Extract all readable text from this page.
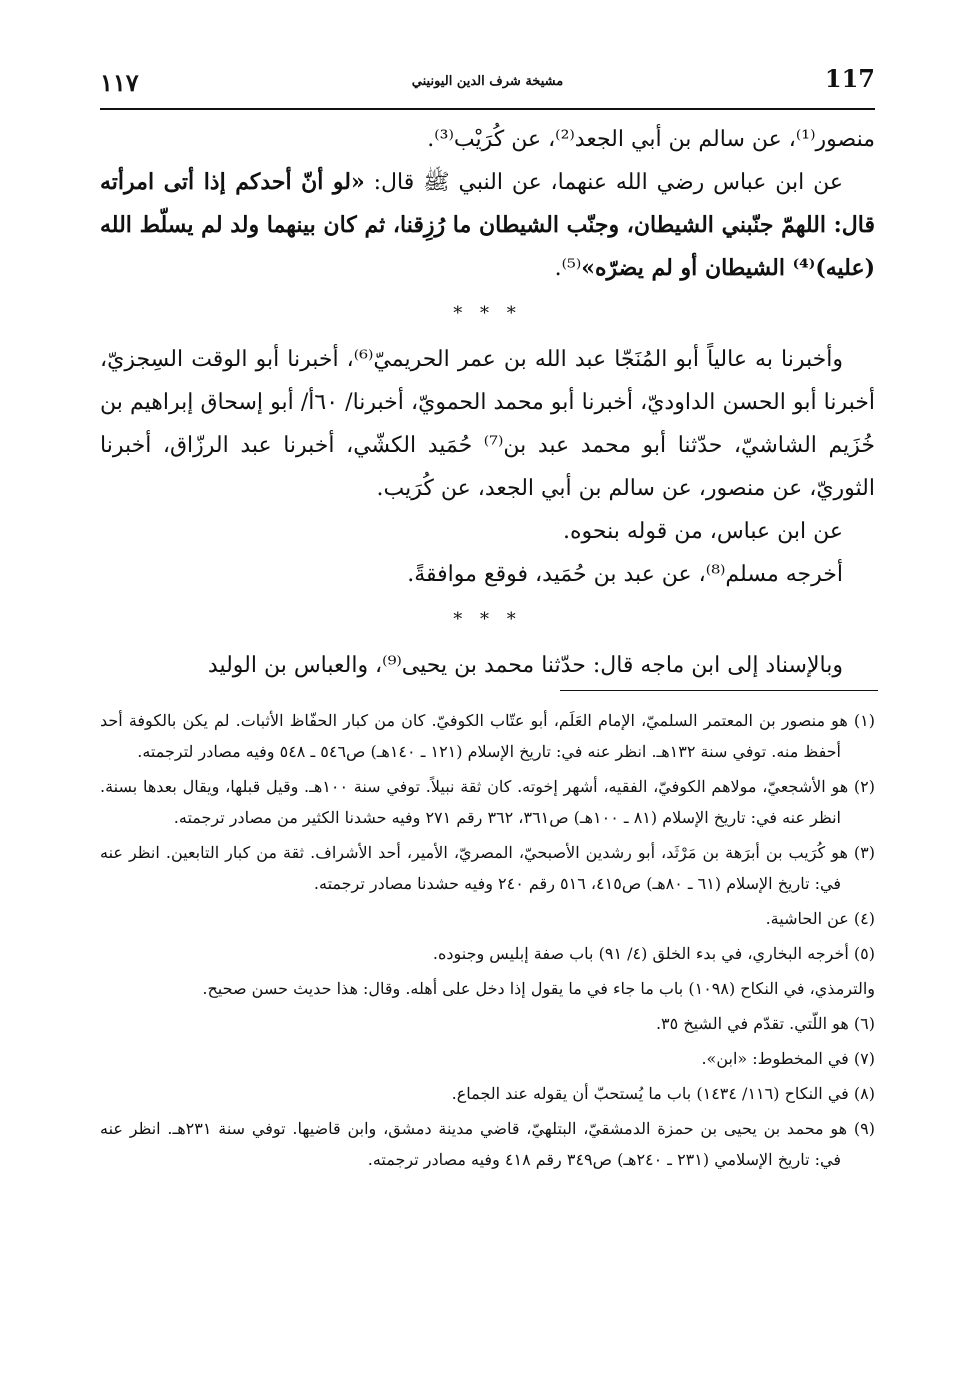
117
مشيخة شرف الدين اليونيني
١١٧

منصور⁽¹⁾، عن سالم بن أبي الجعد⁽²⁾، عن كُرَيْب⁽³⁾.

عن ابن عباس رضي الله عنهما، عن النبي ﷺ قال: «لو أنّ أحدكم إذا أتى امرأته قال: اللهمّ جنّبني الشيطان، وجنّب الشيطان ما رُزِقنا، ثم كان بينهما ولد لم يسلّط الله (عليه)⁽⁴⁾ الشيطان أو لم يضرّه»⁽⁵⁾.

* * *

وأخبرنا به عالياً أبو المُنَجّا عبد الله بن عمر الحريميّ⁽⁶⁾، أخبرنا أبو الوقت السِجزيّ، أخبرنا أبو الحسن الداوديّ، أخبرنا أبو محمد الحمويّ، أخبرنا/ ٦٠أ/ أبو إسحاق إبراهيم بن خُزَيم الشاشيّ، حدّثنا أبو محمد عبد بن⁽⁷⁾ حُمَيد الكشّي، أخبرنا عبد الرزّاق، أخبرنا الثوريّ، عن منصور، عن سالم بن أبي الجعد، عن كُرَيب.

عن ابن عباس، من قوله بنحوه.

أخرجه مسلم⁽⁸⁾، عن عبد بن حُمَيد، فوقع موافقةً.

* * *

وبالإسناد إلى ابن ماجه قال: حدّثنا محمد بن يحيى⁽⁹⁾، والعباس بن الوليد

(١) هو منصور بن المعتمر السلميّ، الإمام العَلَم، أبو عتّاب الكوفيّ. كان من كبار الحفّاظ الأثبات. لم يكن بالكوفة أحد أحفظ منه. توفي سنة ١٣٢هـ. انظر عنه في: تاريخ الإسلام (١٢١ ـ ١٤٠هـ) ص٥٤٦ ـ ٥٤٨ وفيه مصادر لترجمته.

(٢) هو الأشجعيّ، مولاهم الكوفيّ، الفقيه، أشهر إخوته. كان ثقة نبيلاً. توفي سنة ١٠٠هـ. وقيل قبلها، ويقال بعدها بسنة. انظر عنه في: تاريخ الإسلام (٨١ ـ ١٠٠هـ) ص٣٦١، ٣٦٢ رقم ٢٧١ وفيه حشدنا الكثير من مصادر ترجمته.

(٣) هو كُرَيب بن أبرَهة بن مَرْثَد، أبو رشدين الأصبحيّ، المصريّ، الأمير، أحد الأشراف. ثقة من كبار التابعين. انظر عنه في: تاريخ الإسلام (٦١ ـ ٨٠هـ) ص٤١٥، ٥١٦ رقم ٢٤٠ وفيه حشدنا مصادر ترجمته.

(٤) عن الحاشية.

(٥) أخرجه البخاري، في بدء الخلق (٤/ ٩١) باب صفة إبليس وجنوده.

والترمذي، في النكاح (١٠٩٨) باب ما جاء في ما يقول إذا دخل على أهله. وقال: هذا حديث حسن صحيح.

(٦) هو اللّتي. تقدّم في الشيخ ٣٥.

(٧) في المخطوط: «ابن».

(٨) في النكاح (١١٦/ ١٤٣٤) باب ما يُستحبّ أن يقوله عند الجماع.

(٩) هو محمد بن يحيى بن حمزة الدمشقيّ، البتلهيّ، قاضي مدينة دمشق، وابن قاضيها. توفي سنة ٢٣١هـ. انظر عنه في: تاريخ الإسلامي (٢٣١ ـ ٢٤٠هـ) ص٣٤٩ رقم ٤١٨ وفيه مصادر ترجمته.
